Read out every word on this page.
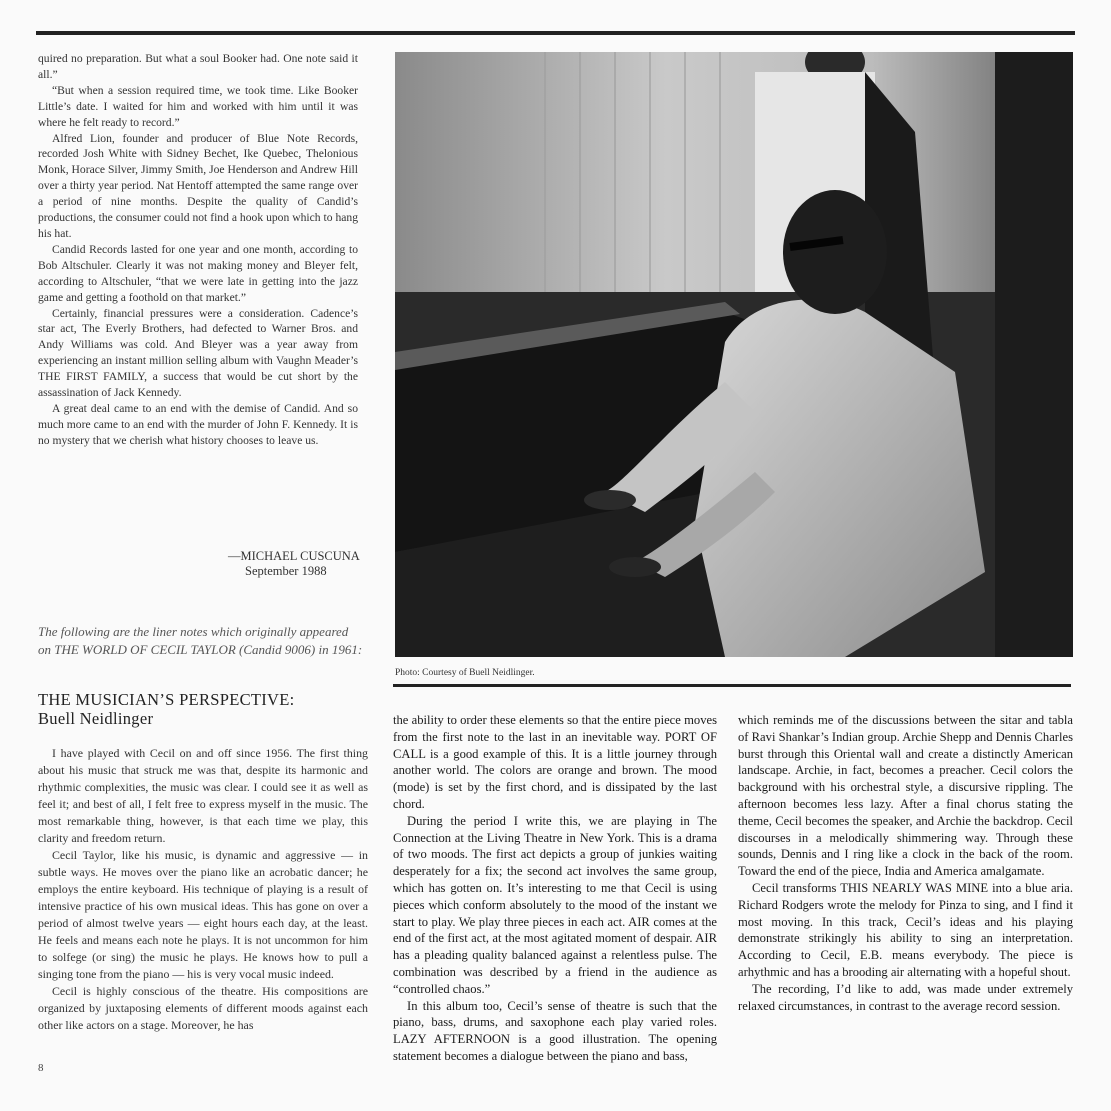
quired no preparation. But what a soul Booker had. One note said it all.”

“But when a session required time, we took time. Like Booker Little’s date. I waited for him and worked with him until it was where he felt ready to record.”

Alfred Lion, founder and producer of Blue Note Records, recorded Josh White with Sidney Bechet, Ike Quebec, Thelonious Monk, Horace Silver, Jimmy Smith, Joe Henderson and Andrew Hill over a thirty year period. Nat Hentoff attempted the same range over a period of nine months. Despite the quality of Candid’s productions, the consumer could not find a hook upon which to hang his hat.

Candid Records lasted for one year and one month, according to Bob Altschuler. Clearly it was not making money and Bleyer felt, according to Altschuler, “that we were late in getting into the jazz game and getting a foothold on that market.”

Certainly, financial pressures were a consideration. Cadence’s star act, The Everly Brothers, had defected to Warner Bros. and Andy Williams was cold. And Bleyer was a year away from experiencing an instant million selling album with Vaughn Meader’s THE FIRST FAMILY, a success that would be cut short by the assassination of Jack Kennedy.

A great deal came to an end with the demise of Candid. And so much more came to an end with the murder of John F. Kennedy. It is no mystery that we cherish what history chooses to leave us.

—MICHAEL CUSCUNA
September 1988
The following are the liner notes which originally appeared on THE WORLD OF CECIL TAYLOR (Candid 9006) in 1961:
THE MUSICIAN’S PERSPECTIVE:
Buell Neidlinger

I have played with Cecil on and off since 1956. The first thing about his music that struck me was that, despite its harmonic and rhythmic complexities, the music was clear. I could see it as well as feel it; and best of all, I felt free to express myself in the music. The most remarkable thing, however, is that each time we play, this clarity and freedom return.

Cecil Taylor, like his music, is dynamic and aggressive — in subtle ways. He moves over the piano like an acrobatic dancer; he employs the entire keyboard. His technique of playing is a result of intensive practice of his own musical ideas. This has gone on over a period of almost twelve years — eight hours each day, at the least. He feels and means each note he plays. It is not uncommon for him to solfege (or sing) the music he plays. He knows how to pull a singing tone from the piano — his is very vocal music indeed.

Cecil is highly conscious of the theatre. His compositions are organized by juxtaposing elements of different moods against each other like actors on a stage. Moreover, he has

8
Photo: Courtesy of Buell Neidlinger.

the ability to order these elements so that the entire piece moves from the first note to the last in an inevitable way. PORT OF CALL is a good example of this. It is a little journey through another world. The colors are orange and brown. The mood (mode) is set by the first chord, and is dissipated by the last chord.

During the period I write this, we are playing in The Connection at the Living Theatre in New York. This is a drama of two moods. The first act depicts a group of junkies waiting desperately for a fix; the second act involves the same group, which has gotten on. It’s interesting to me that Cecil is using pieces which conform absolutely to the mood of the instant we start to play. We play three pieces in each act. AIR comes at the end of the first act, at the most agitated moment of despair. AIR has a pleading quality balanced against a relentless pulse. The combination was described by a friend in the audience as “controlled chaos.”

In this album too, Cecil’s sense of theatre is such that the piano, bass, drums, and saxophone each play varied roles. LAZY AFTERNOON is a good illustration. The opening statement becomes a dialogue between the piano and bass,

which reminds me of the discussions between the sitar and tabla of Ravi Shankar’s Indian group. Archie Shepp and Dennis Charles burst through this Oriental wall and create a distinctly American landscape. Archie, in fact, becomes a preacher. Cecil colors the background with his orchestral style, a discursive rippling. The afternoon becomes less lazy. After a final chorus stating the theme, Cecil becomes the speaker, and Archie the backdrop. Cecil discourses in a melodically shimmering way. Through these sounds, Dennis and I ring like a clock in the back of the room. Toward the end of the piece, India and America amalgamate.

Cecil transforms THIS NEARLY WAS MINE into a blue aria. Richard Rodgers wrote the melody for Pinza to sing, and I find it most moving. In this track, Cecil’s ideas and his playing demonstrate strikingly his ability to sing an interpretation. According to Cecil, E.B. means everybody. The piece is arhythmic and has a brooding air alternating with a hopeful shout.

The recording, I’d like to add, was made under extremely relaxed circumstances, in contrast to the average record session.
